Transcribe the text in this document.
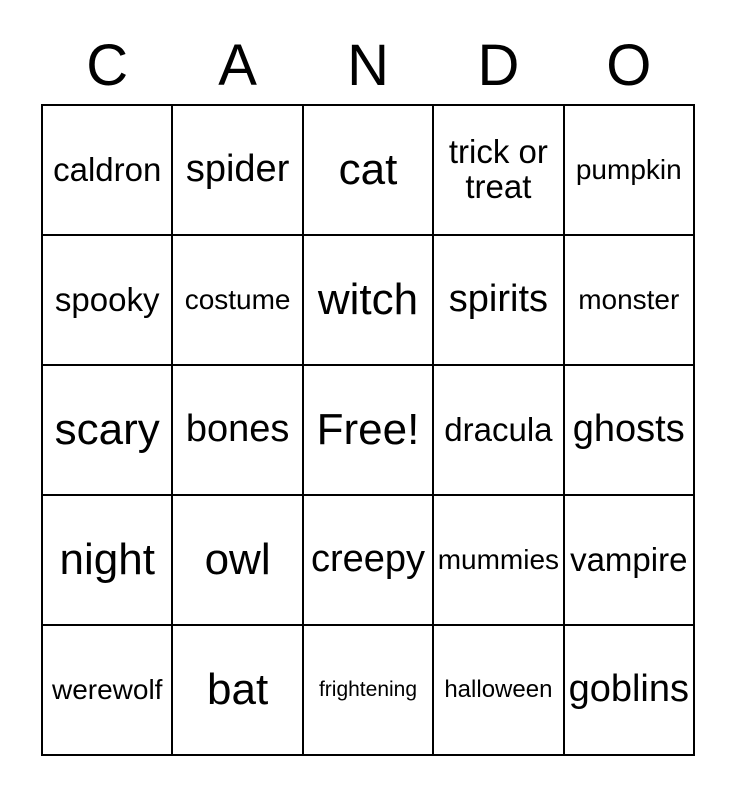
C	A	N	D	O
caldron	spider	cat	trick or treat	pumpkin

spooky	costume	witch	spirits	monster

scary	bones	Free!	dracula	ghosts

night	owl	creepy	mummies	vampire

werewolf	bat	frightening	halloween	goblins
